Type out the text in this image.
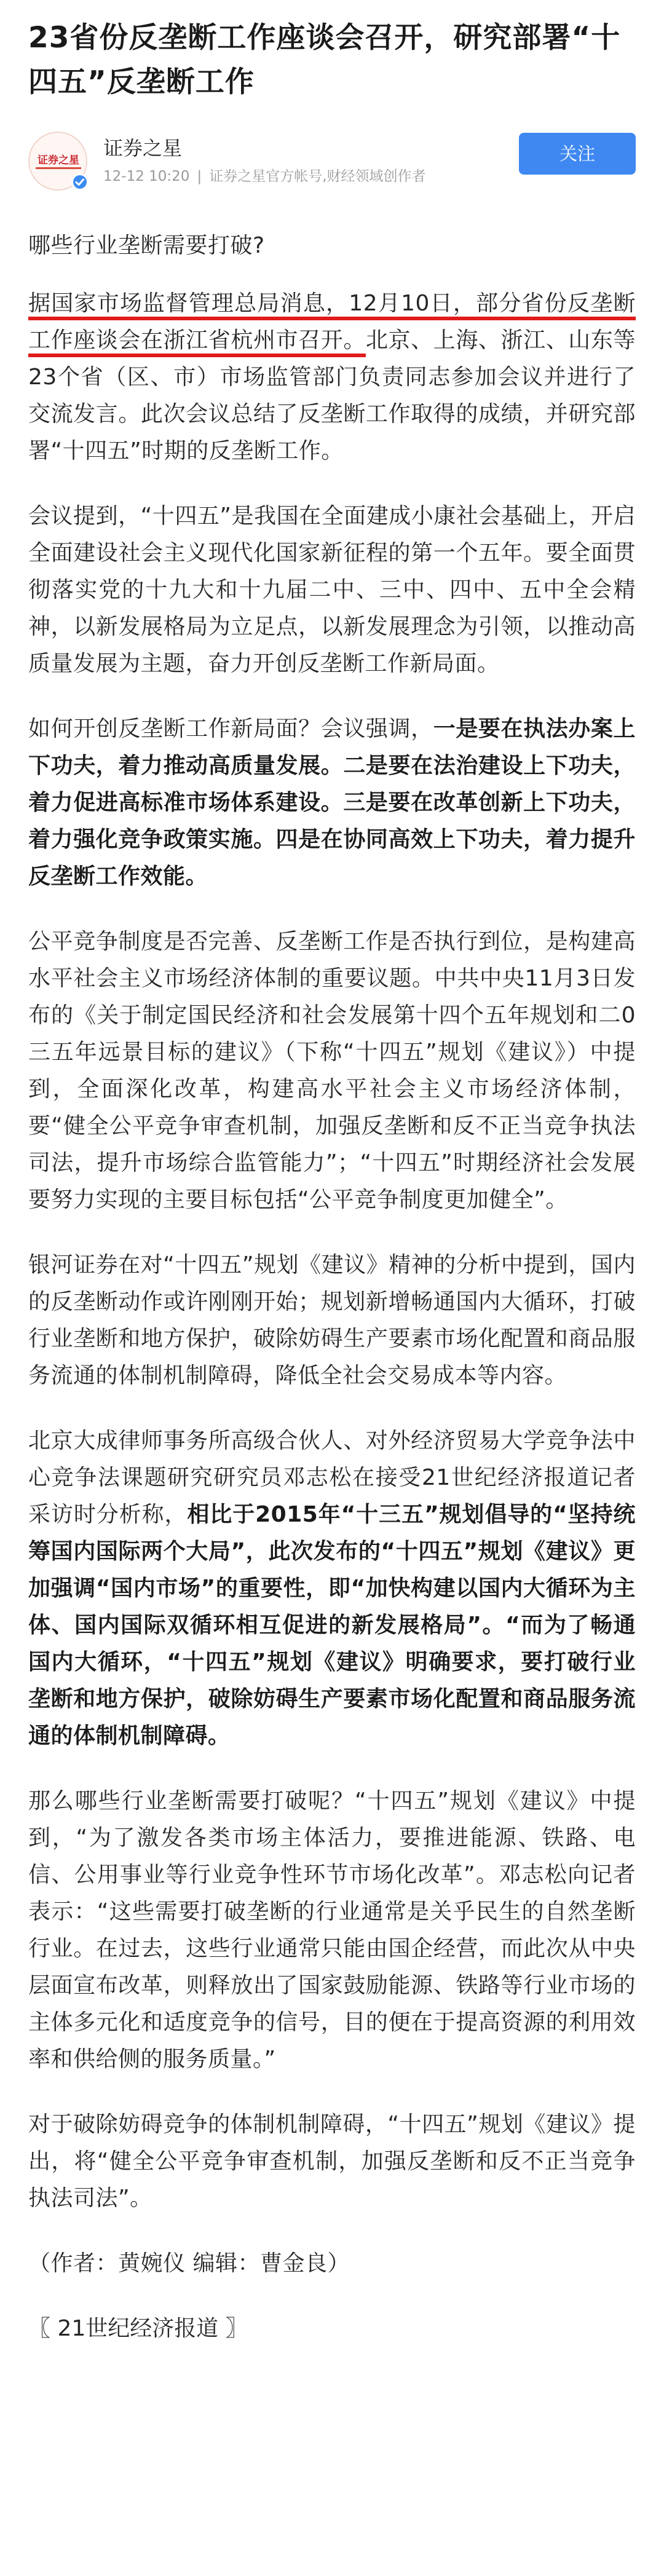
23省份反垄断工作座谈会召开，研究部署“十四五”反垄断工作
证券之星
证券之星
12-12 10:20 | 证券之星官方帐号,财经领域创作者
关注

哪些行业垄断需要打破?

据国家市场监督管理总局消息，12月10日，部分省份反垄断工作座谈会在浙江省杭州市召开。北京、上海、浙江、山东等23个省（区、市）市场监管部门负责同志参加会议并进行了交流发言。此次会议总结了反垄断工作取得的成绩，并研究部署“十四五”时期的反垄断工作。

会议提到，“十四五”是我国在全面建成小康社会基础上，开启全面建设社会主义现代化国家新征程的第一个五年。要全面贯彻落实党的十九大和十九届二中、三中、四中、五中全会精神，以新发展格局为立足点，以新发展理念为引领，以推动高质量发展为主题，奋力开创反垄断工作新局面。

如何开创反垄断工作新局面？会议强调，一是要在执法办案上下功夫，着力推动高质量发展。二是要在法治建设上下功夫，着力促进高标准市场体系建设。三是要在改革创新上下功夫，着力强化竞争政策实施。四是在协同高效上下功夫，着力提升反垄断工作效能。

公平竞争制度是否完善、反垄断工作是否执行到位，是构建高水平社会主义市场经济体制的重要议题。中共中央11月3日发布的《关于制定国民经济和社会发展第十四个五年规划和二0三五年远景目标的建议》（下称“十四五”规划《建议》）中提到，全面深化改革，构建高水平社会主义市场经济体制，要“健全公平竞争审查机制，加强反垄断和反不正当竞争执法司法，提升市场综合监管能力”；“十四五”时期经济社会发展要努力实现的主要目标包括“公平竞争制度更加健全”。

银河证券在对“十四五”规划《建议》精神的分析中提到，国内的反垄断动作或许刚刚开始；规划新增畅通国内大循环，打破行业垄断和地方保护，破除妨碍生产要素市场化配置和商品服务流通的体制机制障碍，降低全社会交易成本等内容。

北京大成律师事务所高级合伙人、对外经济贸易大学竞争法中心竞争法课题研究研究员邓志松在接受21世纪经济报道记者采访时分析称，相比于2015年“十三五”规划倡导的“坚持统筹国内国际两个大局”，此次发布的“十四五”规划《建议》更加强调“国内市场”的重要性，即“加快构建以国内大循环为主体、国内国际双循环相互促进的新发展格局”。“而为了畅通国内大循环，“十四五”规划《建议》明确要求，要打破行业垄断和地方保护，破除妨碍生产要素市场化配置和商品服务流通的体制机制障碍。

那么哪些行业垄断需要打破呢？“十四五”规划《建议》中提到，“为了激发各类市场主体活力，要推进能源、铁路、电信、公用事业等行业竞争性环节市场化改革”。邓志松向记者表示：“这些需要打破垄断的行业通常是关乎民生的自然垄断行业。在过去，这些行业通常只能由国企经营，而此次从中央层面宣布改革，则释放出了国家鼓励能源、铁路等行业市场的主体多元化和适度竞争的信号，目的便在于提高资源的利用效率和供给侧的服务质量。”

对于破除妨碍竞争的体制机制障碍，“十四五”规划《建议》提出，将“健全公平竞争审查机制，加强反垄断和反不正当竞争执法司法”。

（作者：黄婉仪 编辑：曹金良）

〖 21世纪经济报道 〗
